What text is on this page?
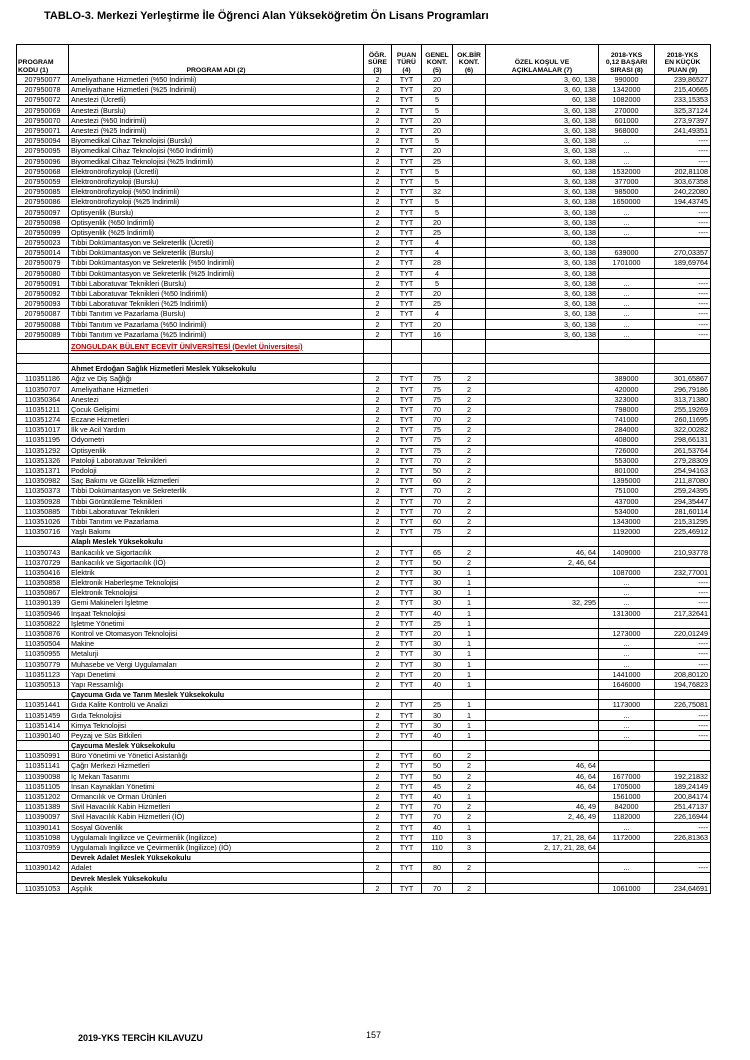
TABLO-3. Merkezi Yerleştirme İle Öğrenci Alan Yükseköğretim Ön Lisans Programları
PROGRAM
KODU (1)	PROGRAM ADI (2)	ÖĞR.
SÜRE
(3)	PUAN
TÜRÜ
(4)	GENEL
KONT.
(5)	OK.BİR
KONT.
(6)	ÖZEL KOŞUL VE
AÇIKLAMALAR (7)	2018-YKS
0,12 BAŞARI
SIRASI (8)	2018-YKS
EN KÜÇÜK
PUAN (9)
207950077	Ameliyathane Hizmetleri (%50 İndirimli)	2	TYT	20		3, 60, 138	990000	239,86527
207950078	Ameliyathane Hizmetleri (%25 İndirimli)	2	TYT	20		3, 60, 138	1342000	215,40665
207950072	Anestezi (Ücretli)	2	TYT	5		60, 138	1082000	233,15353
207950069	Anestezi (Burslu)	2	TYT	5		3, 60, 138	270000	325,37124
207950070	Anestezi (%50 İndirimli)	2	TYT	20		3, 60, 138	601000	273,97397
207950071	Anestezi (%25 İndirimli)	2	TYT	20		3, 60, 138	968000	241,49351
207950094	Biyomedikal Cihaz Teknolojisi (Burslu)	2	TYT	5		3, 60, 138	...	----
207950095	Biyomedikal Cihaz Teknolojisi (%50 İndirimli)	2	TYT	20		3, 60, 138	...	----
207950096	Biyomedikal Cihaz Teknolojisi (%25 İndirimli)	2	TYT	25		3, 60, 138	...	----
207950068	Elektronörofizyoloji (Ücretli)	2	TYT	5		60, 138	1532000	202,81108
207950059	Elektronörofizyoloji (Burslu)	2	TYT	5		3, 60, 138	377000	303,67358
207950085	Elektronörofizyoloji (%50 İndirimli)	2	TYT	32		3, 60, 138	985000	240,22080
207950086	Elektronörofizyoloji (%25 İndirimli)	2	TYT	5		3, 60, 138	1650000	194,43745
207950097	Optisyenlik (Burslu)	2	TYT	5		3, 60, 138	...	----
207950098	Optisyenlik (%50 İndirimli)	2	TYT	20		3, 60, 138	...	----
207950099	Optisyenlik (%25 İndirimli)	2	TYT	25		3, 60, 138	...	----
207950023	Tıbbi Dokümantasyon ve Sekreterlik (Ücretli)	2	TYT	4		60, 138		
207950014	Tıbbi Dokümantasyon ve Sekreterlik (Burslu)	2	TYT	4		3, 60, 138	639000	270,03357
207950079	Tıbbi Dokümantasyon ve Sekreterlik (%50 İndirimli)	2	TYT	28		3, 60, 138	1701000	189,69764
207950080	Tıbbi Dokümantasyon ve Sekreterlik (%25 İndirimli)	2	TYT	4		3, 60, 138		
207950091	Tıbbi Laboratuvar Teknikleri (Burslu)	2	TYT	5		3, 60, 138	...	----
207950092	Tıbbi Laboratuvar Teknikleri (%50 İndirimli)	2	TYT	20		3, 60, 138	...	----
207950093	Tıbbi Laboratuvar Teknikleri (%25 İndirimli)	2	TYT	25		3, 60, 138	...	----
207950087	Tıbbi Tanıtım ve Pazarlama (Burslu)	2	TYT	4		3, 60, 138	...	----
207950088	Tıbbi Tanıtım ve Pazarlama (%50 İndirimli)	2	TYT	20		3, 60, 138	...	----
207950089	Tıbbi Tanıtım ve Pazarlama (%25 İndirimli)	2	TYT	16		3, 60, 138	...	----
	ZONGULDAK BÜLENT ECEVİT ÜNİVERSİTESİ (Devlet Üniversitesi)							

	Ahmet Erdoğan Sağlık Hizmetleri Meslek Yüksekokulu							
110351186	Ağız ve Diş Sağlığı	2	TYT	75	2		389000	301,65867
110350707	Ameliyathane Hizmetleri	2	TYT	75	2		420000	296,79186
110350364	Anestezi	2	TYT	75	2		323000	313,71380
110351211	Çocuk Gelişimi	2	TYT	70	2		798000	255,19269
110351274	Eczane Hizmetleri	2	TYT	70	2		741000	260,11695
110351017	İlk ve Acil Yardım	2	TYT	75	2		284000	322,00282
110351195	Odyometri	2	TYT	75	2		408000	298,66131
110351292	Optisyenlik	2	TYT	75	2		726000	261,53764
110351326	Patoloji Laboratuvar Teknikleri	2	TYT	70	2		553000	279,28309
110351371	Podoloji	2	TYT	50	2		801000	254,94163
110350982	Saç Bakımı ve Güzellik Hizmetleri	2	TYT	60	2		1395000	211,87080
110350373	Tıbbi Dokümantasyon ve Sekreterlik	2	TYT	70	2		751000	259,24395
110350928	Tıbbi Görüntüleme Teknikleri	2	TYT	70	2		437000	294,35447
110350885	Tıbbi Laboratuvar Teknikleri	2	TYT	70	2		534000	281,60114
110351026	Tıbbi Tanıtım ve Pazarlama	2	TYT	60	2		1343000	215,31295
110350716	Yaşlı Bakımı	2	TYT	75	2		1192000	225,46912
	Alaplı Meslek Yüksekokulu							
110350743	Bankacılık ve Sigortacılık	2	TYT	65	2	46, 64	1409000	210,93778
110370729	Bankacılık ve Sigortacılık (İÖ)	2	TYT	50	2	2, 46, 64		
110350416	Elektrik	2	TYT	30	1		1087000	232,77001
110350858	Elektronik Haberleşme Teknolojisi	2	TYT	30	1		...	----
110350867	Elektronik Teknolojisi	2	TYT	30	1		...	----
110390139	Gemi Makineleri İşletme	2	TYT	30	1	32, 295	...	----
110350946	İnşaat Teknolojisi	2	TYT	40	1		1313000	217,32641
110350822	İşletme Yönetimi	2	TYT	25	1			
110350876	Kontrol ve Otomasyon Teknolojisi	2	TYT	20	1		1273000	220,01249
110350504	Makine	2	TYT	30	1		...	----
110350955	Metalurji	2	TYT	30	1		...	----
110350779	Muhasebe ve Vergi Uygulamaları	2	TYT	30	1		...	----
110351123	Yapı Denetimi	2	TYT	20	1		1441000	208,80120
110350513	Yapı Ressamlığı	2	TYT	40	1		1646000	194,76823
	Çaycuma Gıda ve Tarım Meslek Yüksekokulu							
110351441	Gıda Kalite Kontrolü ve Analizi	2	TYT	25	1		1173000	226,75081
110351459	Gıda Teknolojisi	2	TYT	30	1		...	----
110351414	Kimya Teknolojisi	2	TYT	30	1		...	----
110390140	Peyzaj ve Süs Bitkileri	2	TYT	40	1		...	----
	Çaycuma Meslek Yüksekokulu							
110350991	Büro Yönetimi ve Yönetici Asistanlığı	2	TYT	60	2			
110351141	Çağrı Merkezi Hizmetleri	2	TYT	50	2	46, 64		
110390098	İç Mekan Tasarımı	2	TYT	50	2	46, 64	1677000	192,21832
110351105	İnsan Kaynakları Yönetimi	2	TYT	45	2	46, 64	1705000	189,24149
110351202	Ormancılık ve Orman Ürünleri	2	TYT	40	1		1561000	200,84174
110351389	Sivil Havacılık Kabin Hizmetleri	2	TYT	70	2	46, 49	842000	251,47137
110390097	Sivil Havacılık Kabin Hizmetleri (İÖ)	2	TYT	70	2	2, 46, 49	1182000	226,16944
110390141	Sosyal Güvenlik	2	TYT	40	1		...	----
110351098	Uygulamalı İngilizce ve Çevirmenlik (İngilizce)	2	TYT	110	3	17, 21, 28, 64	1172000	226,81363
110370959	Uygulamalı İngilizce ve Çevirmenlik (İngilizce) (İÖ)	2	TYT	110	3	2, 17, 21, 28, 64		
	Devrek Adalet Meslek Yüksekokulu							
110390142	Adalet	2	TYT	80	2		...	----
	Devrek Meslek Yüksekokulu							
110351053	Aşçılık	2	TYT	70	2		1061000	234,64691
2019-YKS TERCİH KILAVUZU	157
